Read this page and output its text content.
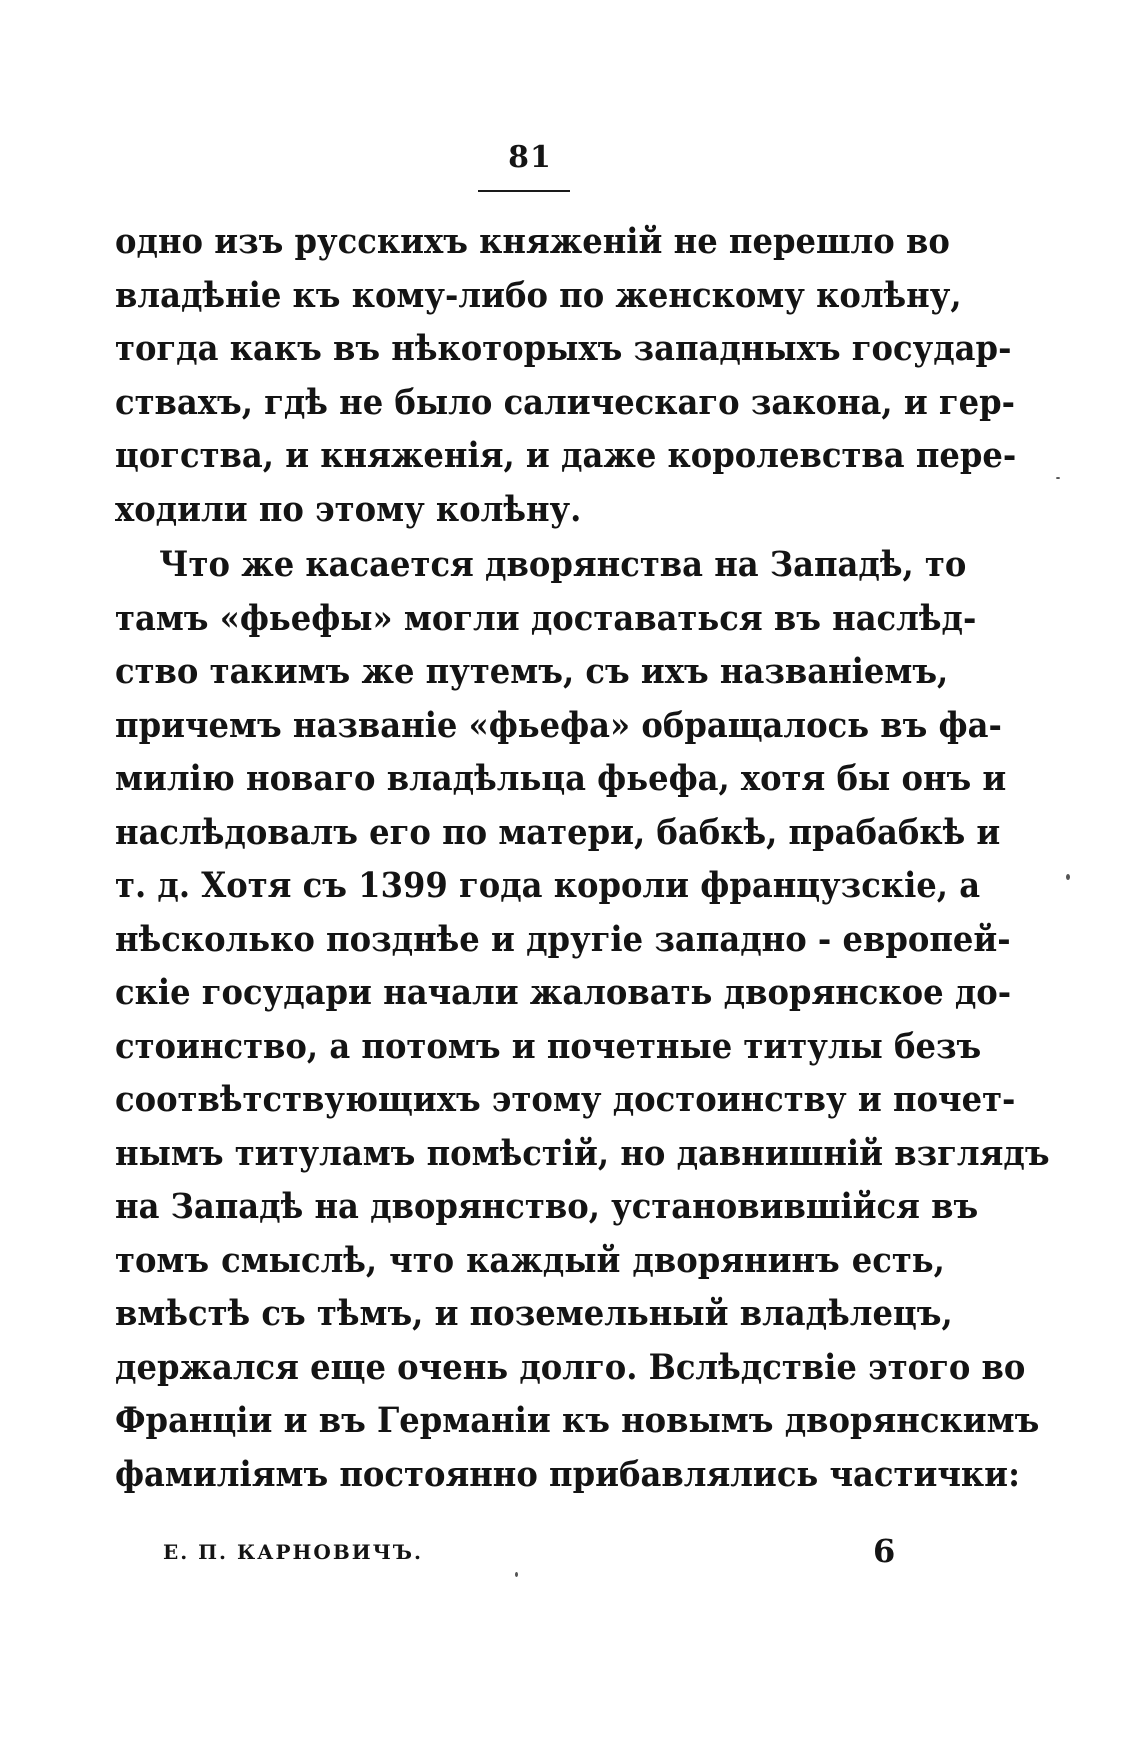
81
одно изъ русскихъ княженій не перешло во
владѣніе къ кому-либо по женскому колѣну,
тогда какъ въ нѣкоторыхъ западныхъ государ-
ствахъ, гдѣ не было салическаго закона, и гер-
цогства, и княженія, и даже королевства пере-
ходили по этому колѣну.
Что же касается дворянства на Западѣ, то
тамъ «фьефы» могли доставаться въ наслѣд-
ство такимъ же путемъ, съ ихъ названіемъ,
причемъ названіе «фьефа» обращалось въ фа-
милію новаго владѣльца фьефа, хотя бы онъ и
наслѣдовалъ его по матери, бабкѣ, прабабкѣ и
т. д. Хотя съ 1399 года короли французскіе, а
нѣсколько позднѣе и другіе западно - европей-
скіе государи начали жаловать дворянское до-
стоинство, а потомъ и почетные титулы безъ
соотвѣтствующихъ этому достоинству и почет-
нымъ титуламъ помѣстій, но давнишній взглядъ
на Западѣ на дворянство, установившійся въ
томъ смыслѣ, что каждый дворянинъ есть,
вмѣстѣ съ тѣмъ, и поземельный владѣлецъ,
держался еще очень долго. Вслѣдствіе этого во
Франціи и въ Германіи къ новымъ дворянскимъ
фамиліямъ постоянно прибавлялись частички:
Е. П. КАРНОВИЧЪ.	6
